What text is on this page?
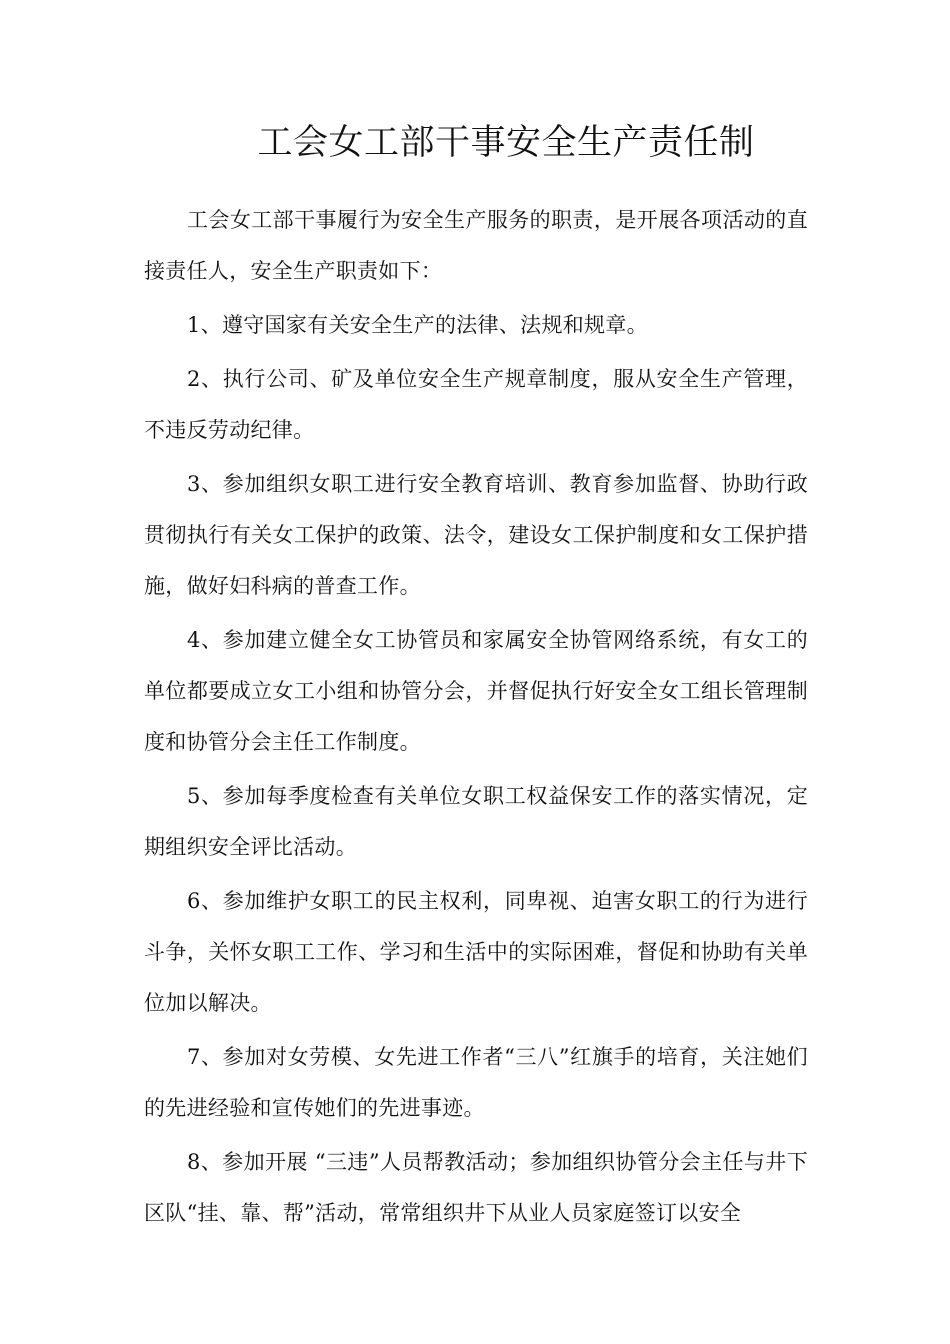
工会女工部干事安全生产责任制

工会女工部干事履行为安全生产服务的职责，是开展各项活动的直接责任人，安全生产职责如下：

1、遵守国家有关安全生产的法律、法规和规章。

2、执行公司、矿及单位安全生产规章制度，服从安全生产管理，不违反劳动纪律。

3、参加组织女职工进行安全教育培训、教育参加监督、协助行政贯彻执行有关女工保护的政策、法令，建设女工保护制度和女工保护措施，做好妇科病的普查工作。

4、参加建立健全女工协管员和家属安全协管网络系统，有女工的单位都要成立女工小组和协管分会，并督促执行好安全女工组长管理制度和协管分会主任工作制度。

5、参加每季度检查有关单位女职工权益保安工作的落实情况，定期组织安全评比活动。

6、参加维护女职工的民主权利，同卑视、迫害女职工的行为进行斗争，关怀女职工工作、学习和生活中的实际困难，督促和协助有关单位加以解决。

7、参加对女劳模、女先进工作者“三八”红旗手的培育，关注她们的先进经验和宣传她们的先进事迹。

8、参加开展 “三违”人员帮教活动；参加组织协管分会主任与井下区队“挂、靠、帮”活动，常常组织井下从业人员家庭签订以安全
